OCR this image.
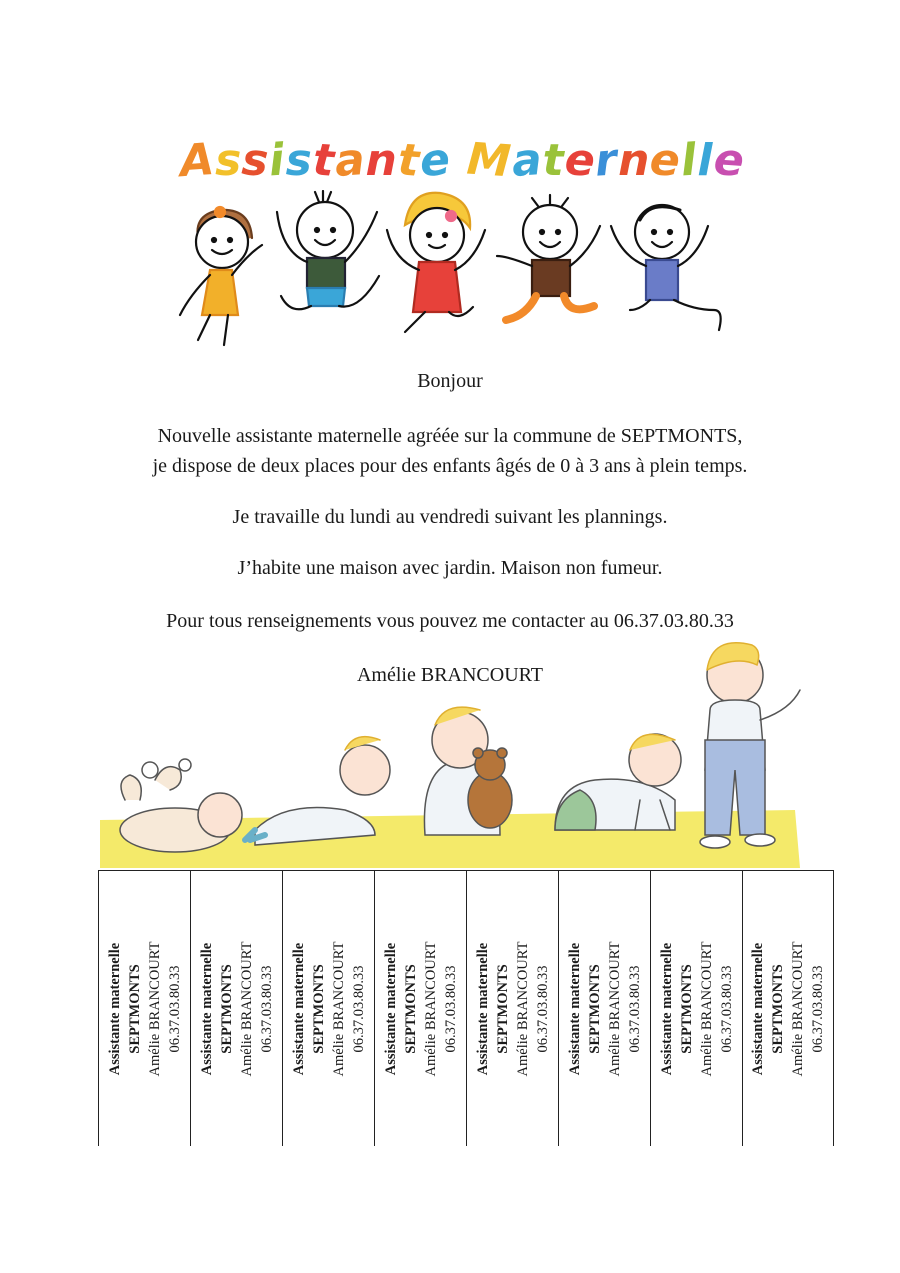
Assistante Maternelle
Bonjour
Nouvelle assistante maternelle agréée sur la commune de SEPTMONTS,
je dispose de deux places pour des enfants âgés de 0 à 3 ans à plein temps.
Je travaille du lundi au vendredi suivant les plannings.
J’habite une maison avec jardin. Maison non fumeur.
Pour tous renseignements vous pouvez me contacter au 06.37.03.80.33
Amélie BRANCOURT
Assistante maternelle SEPTMONTS Amélie BRANCOURT 06.37.03.80.33 Assistante maternelle SEPTMONTS Amélie BRANCOURT 06.37.03.80.33 Assistante maternelle SEPTMONTS Amélie BRANCOURT 06.37.03.80.33 Assistante maternelle SEPTMONTS Amélie BRANCOURT 06.37.03.80.33 Assistante maternelle SEPTMONTS Amélie BRANCOURT 06.37.03.80.33 Assistante maternelle SEPTMONTS Amélie BRANCOURT 06.37.03.80.33 Assistante maternelle SEPTMONTS Amélie BRANCOURT 06.37.03.80.33 Assistante maternelle SEPTMONTS Amélie BRANCOURT 06.37.03.80.33
